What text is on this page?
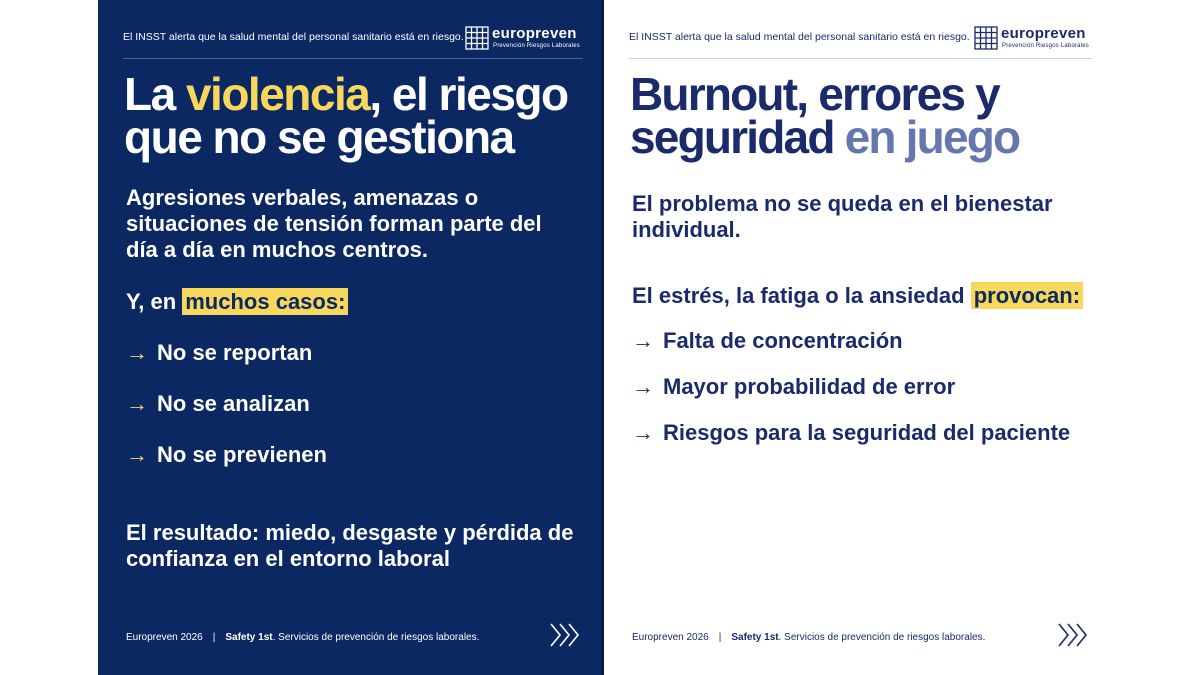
El INSST alerta que la salud mental del personal sanitario está en riesgo. europreven
Prevención Riesgos Laborales
La violencia, el riesgo que no se gestiona

Agresiones verbales, amenazas o situaciones de tensión forman parte del día a día en muchos centros.

Y, en muchos casos:
→ No se reportan
→ No se analizan
→ No se previenen

El resultado: miedo, desgaste y pérdida de confianza en el entorno laboral

Europreven 2026 | Safety 1st. Servicios de prevención de riesgos laborales.
El INSST alerta que la salud mental del personal sanitario está en riesgo. europreven
Prevención Riesgos Laborales
Burnout, errores y seguridad en juego

El problema no se queda en el bienestar individual.

El estrés, la fatiga o la ansiedad provocan:
→ Falta de concentración
→ Mayor probabilidad de error
→ Riesgos para la seguridad del paciente
Europreven 2026 | Safety 1st. Servicios de prevención de riesgos laborales.
